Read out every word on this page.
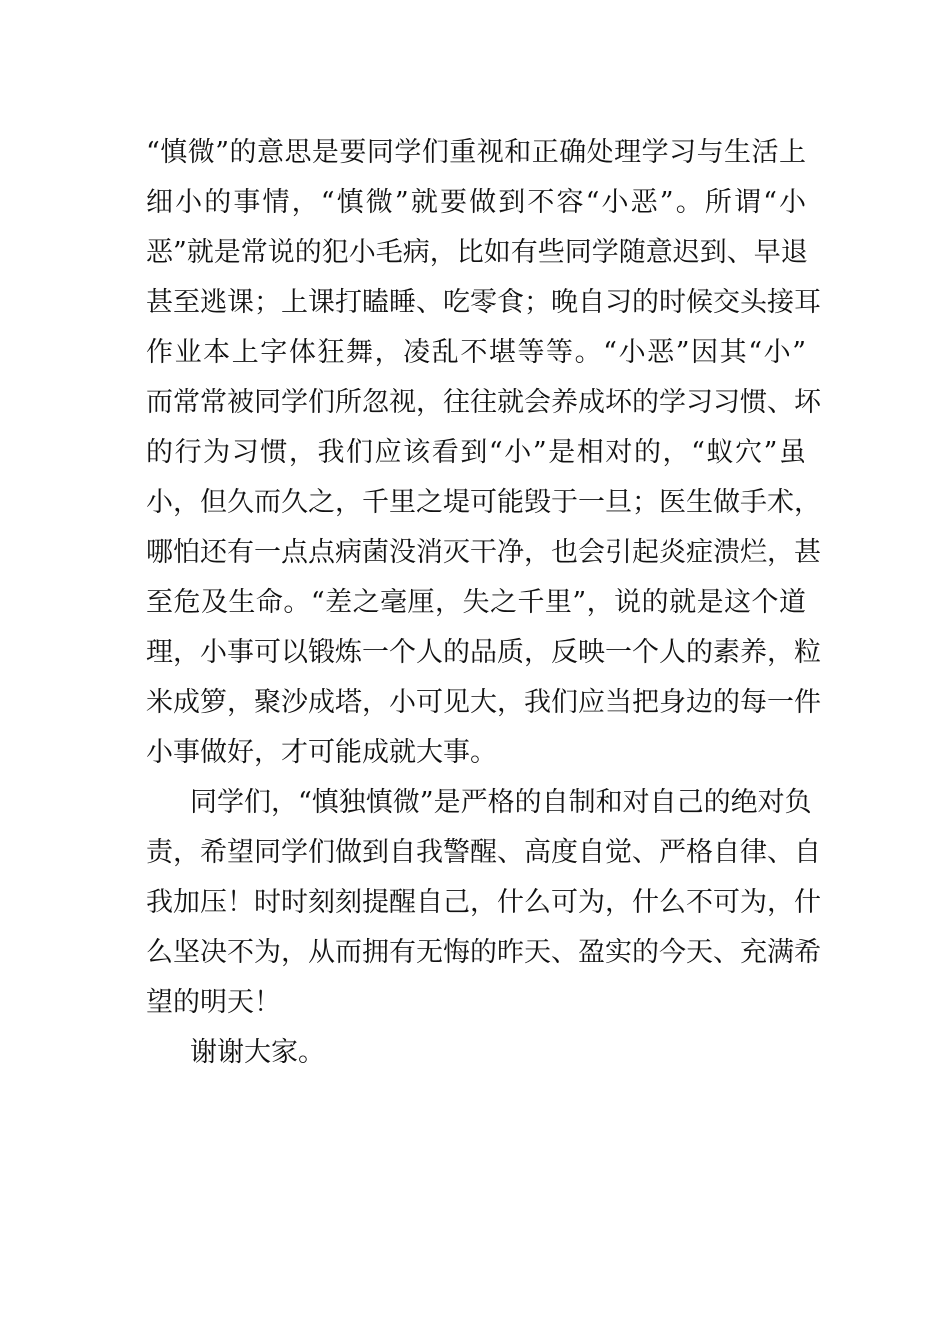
“慎微”的意思是要同学们重视和正确处理学习与生活上
细小的事情，“慎微”就要做到不容“小恶”。所谓“小
恶”就是常说的犯小毛病，比如有些同学随意迟到、早退
甚至逃课；上课打瞌睡、吃零食；晚自习的时候交头接耳
作业本上字体狂舞，凌乱不堪等等。“小恶”因其“小”
而常常被同学们所忽视，往往就会养成坏的学习习惯、坏
的行为习惯，我们应该看到“小”是相对的，“蚁穴”虽
小，但久而久之，千里之堤可能毁于一旦；医生做手术，
哪怕还有一点点病菌没消灭干净，也会引起炎症溃烂，甚
至危及生命。“差之毫厘，失之千里”，说的就是这个道
理，小事可以锻炼一个人的品质，反映一个人的素养，粒
米成箩，聚沙成塔，小可见大，我们应当把身边的每一件
小事做好，才可能成就大事。
同学们，“慎独慎微”是严格的自制和对自己的绝对负
责，希望同学们做到自我警醒、高度自觉、严格自律、自
我加压！时时刻刻提醒自己，什么可为，什么不可为，什
么坚决不为，从而拥有无悔的昨天、盈实的今天、充满希
望的明天！
谢谢大家。
